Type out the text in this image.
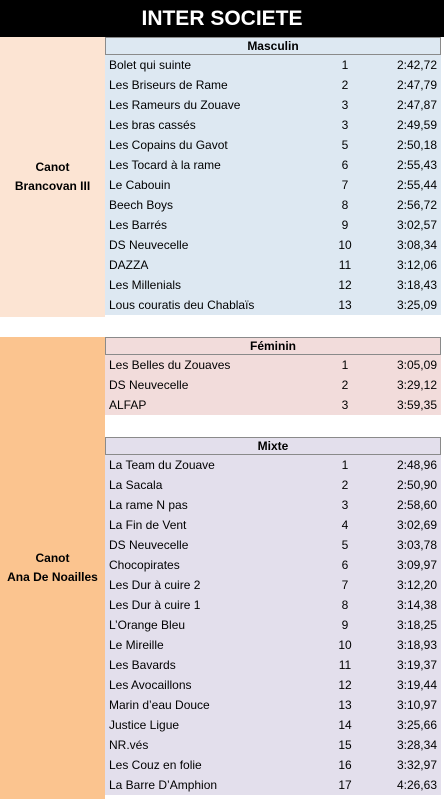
INTER SOCIETE
Canot
Brancovan III
Masculin
Bolet qui suinte	1	2:42,72
Les Briseurs de Rame	2	2:47,79
Les Rameurs du Zouave	3	2:47,87
Les bras cassés	3	2:49,59
Les Copains du Gavot	5	2:50,18
Les Tocard à la rame	6	2:55,43
Le Cabouin	7	2:55,44
Beech Boys	8	2:56,72
Les Barrés	9	3:02,57
DS Neuvecelle	10	3:08,34
DAZZA	11	3:12,06
Les Millenials	12	3:18,43
Lous couratis deu Chablaïs	13	3:25,09
Canot
Ana De Noailles
Féminin
Les Belles du Zouaves	1	3:05,09
DS Neuvecelle	2	3:29,12
ALFAP	3	3:59,35
Mixte
La Team du Zouave	1	2:48,96
La Sacala	2	2:50,90
La rame N pas	3	2:58,60
La Fin de Vent	4	3:02,69
DS Neuvecelle	5	3:03,78
Chocopirates	6	3:09,97
Les Dur à cuire 2	7	3:12,20
Les Dur à cuire 1	8	3:14,38
L’Orange Bleu	9	3:18,25
Le Mireille	10	3:18,93
Les Bavards	11	3:19,37
Les Avocaillons	12	3:19,44
Marin d’eau Douce	13	3:10,97
Justice Ligue	14	3:25,66
NR.vés	15	3:28,34
Les Couz en folie	16	3:32,97
La Barre D’Amphion	17	4:26,63
